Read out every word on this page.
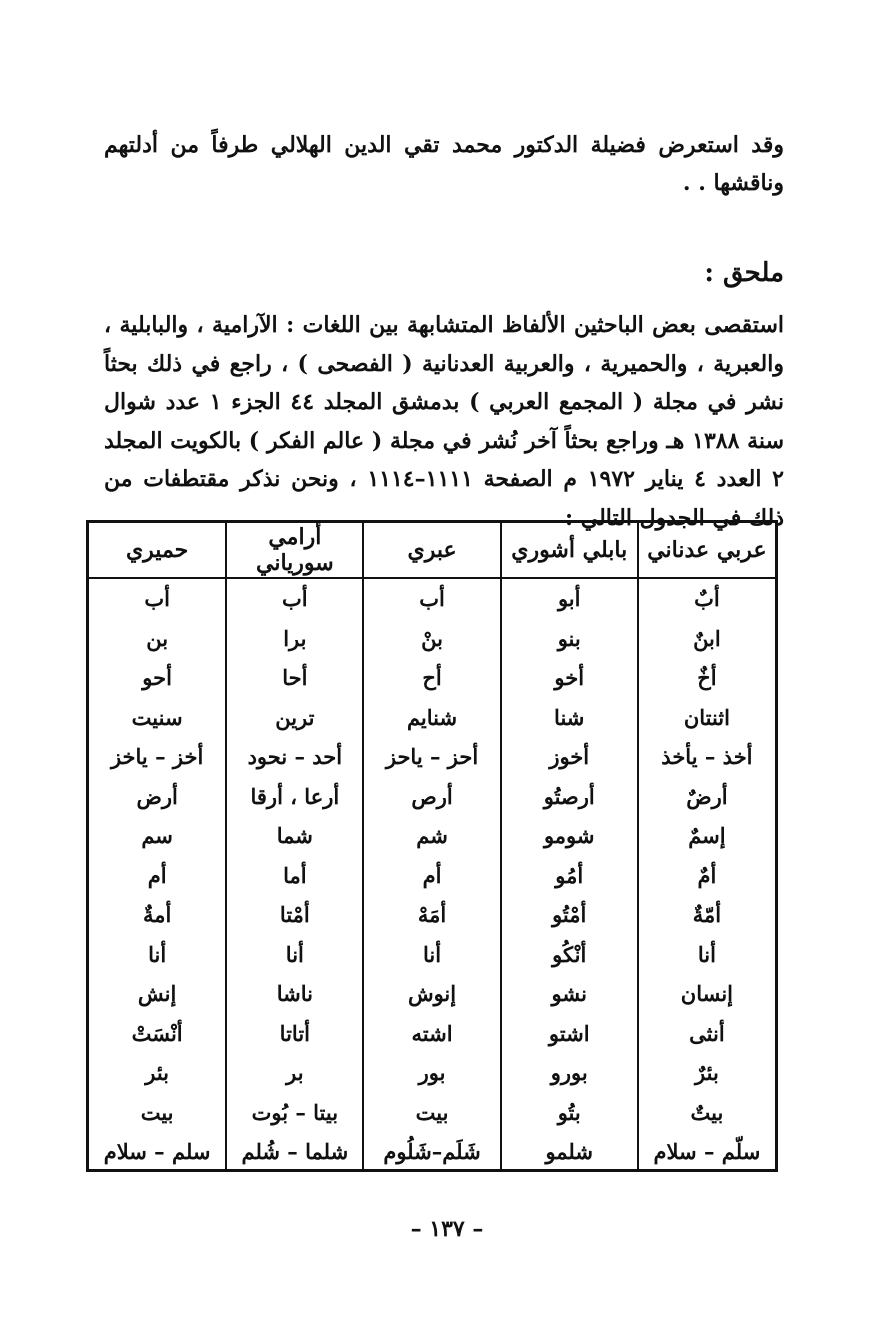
وقد استعرض فضيلة الدكتور محمد تقي الدين الهلالي طرفاً من أدلتهم وناقشها . .

ملحق :

استقصى بعض الباحثين الألفاظ المتشابهة بين اللغات : الآرامية ، والبابلية ، والعبرية ، والحميرية ، والعربية العدنانية ( الفصحى ) ، راجع في ذلك بحثاً نشر في مجلة ( المجمع العربي ) بدمشق المجلد ٤٤ الجزء ١ عدد شوال سنة ١٣٨٨ هـ وراجع بحثاً آخر نُشر في مجلة ( عالم الفكر ) بالكويت المجلد ٢ العدد ٤ يناير ١٩٧٢ م الصفحة ١١١١–١١١٤ ، ونحن نذكر مقتطفات من ذلك في الجدول التالي :

عربي عدناني	بابلي أشوري	عبري	أرامي سورياني	حميري
أبٌ	أبو	أب	أب	أب
ابنٌ	بنو	بنْ	برا	بن
أخٌ	أخو	أح	أحا	أحو
اثنتان	شنا	شنايم	ترين	سنيت
أخذ – يأخذ	أخوز	أحز – ياحز	أحد – نحود	أخز – ياخز
أرضٌ	أرصتُو	أرص	أرعا ، أرقا	أرض
إسمٌ	شومو	شم	شما	سم
أمٌ	أمُو	أم	أما	أم
أمّةٌ	أمْتُو	أمَهْ	أمْتا	أمةٌ
أنا	أنْكُو	أنا	أنا	أنا
إنسان	نشو	إنوش	ناشا	إنش
أنثى	اشتو	اشته	أتاتا	أنْسَتْ
بئرٌ	بورو	بور	بر	بئر
بيتٌ	بتُو	بيت	بيتا – بُوت	بيت
سلّم – سلام	شلمو	شَلَم–شَلُوم	شلما – شُلم	سلم – سلام

– ١٣٧ –
